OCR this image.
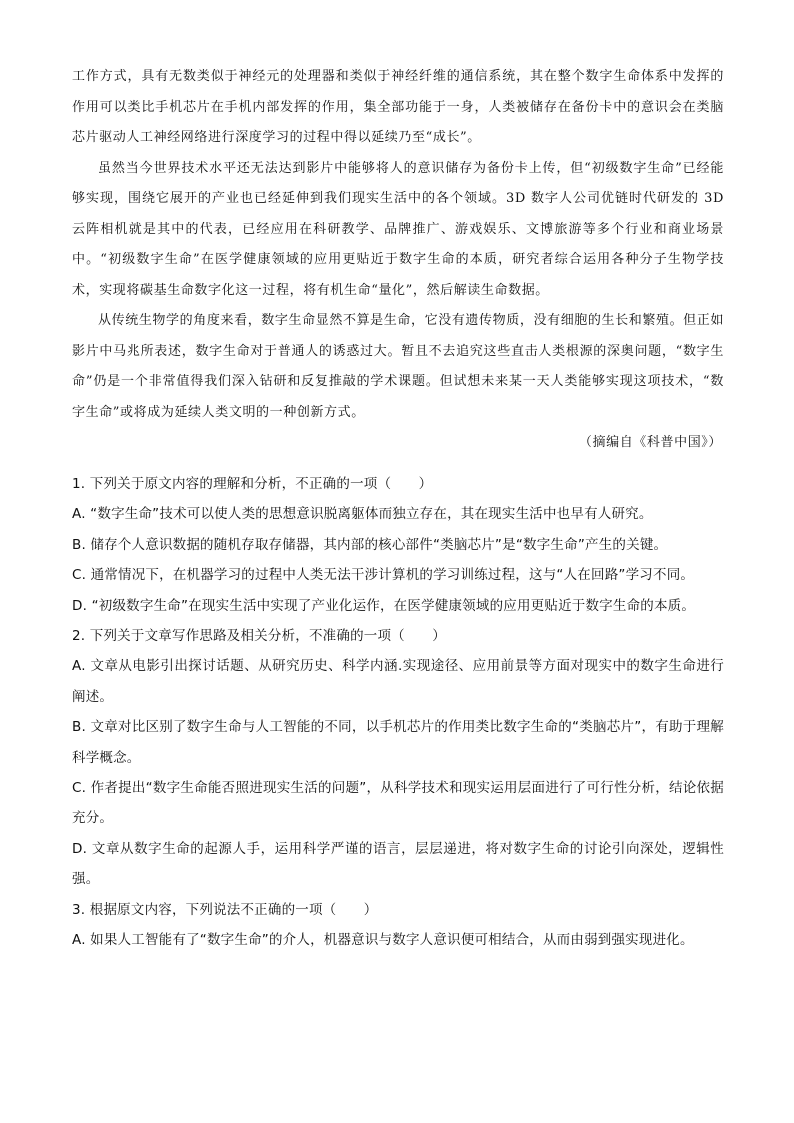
工作方式，具有无数类似于神经元的处理器和类似于神经纤维的通信系统，其在整个数字生命体系中发挥的作用可以类比手机芯片在手机内部发挥的作用，集全部功能于一身，人类被储存在备份卡中的意识会在类脑芯片驱动人工神经网络进行深度学习的过程中得以延续乃至“成长”。

虽然当今世界技术水平还无法达到影片中能够将人的意识储存为备份卡上传，但“初级数字生命”已经能够实现，围绕它展开的产业也已经延伸到我们现实生活中的各个领域。3D 数字人公司优链时代研发的 3D 云阵相机就是其中的代表，已经应用在科研教学、品牌推广、游戏娱乐、文博旅游等多个行业和商业场景中。“初级数字生命”在医学健康领域的应用更贴近于数字生命的本质，研究者综合运用各种分子生物学技术，实现将碳基生命数字化这一过程，将有机生命“量化”，然后解读生命数据。

从传统生物学的角度来看，数字生命显然不算是生命，它没有遗传物质，没有细胞的生长和繁殖。但正如影片中马兆所表述，数字生命对于普通人的诱惑过大。暂且不去追究这些直击人类根源的深奥问题，“数字生命”仍是一个非常值得我们深入钻研和反复推敲的学术课题。但试想未来某一天人类能够实现这项技术，“数字生命”或将成为延续人类文明的一种创新方式。

（摘编自《科普中国》）

1. 下列关于原文内容的理解和分析，不正确的一项（　　）

A. “数字生命”技术可以使人类的思想意识脱离躯体而独立存在，其在现实生活中也早有人研究。

B. 储存个人意识数据的随机存取存储器，其内部的核心部件“类脑芯片”是“数字生命”产生的关键。

C. 通常情况下，在机器学习的过程中人类无法干涉计算机的学习训练过程，这与“人在回路”学习不同。

D. “初级数字生命”在现实生活中实现了产业化运作，在医学健康领域的应用更贴近于数字生命的本质。

2. 下列关于文章写作思路及相关分析，不准确的一项（　　）

A. 文章从电影引出探讨话题、从研究历史、科学内涵.实现途径、应用前景等方面对现实中的数字生命进行阐述。

B. 文章对比区别了数字生命与人工智能的不同，以手机芯片的作用类比数字生命的“类脑芯片”，有助于理解科学概念。

C. 作者提出“数字生命能否照进现实生活的问题”，从科学技术和现实运用层面进行了可行性分析，结论依据充分。

D. 文章从数字生命的起源人手，运用科学严谨的语言，层层递进，将对数字生命的讨论引向深处，逻辑性强。

3. 根据原文内容，下列说法不正确的一项（　　）

A. 如果人工智能有了“数字生命”的介人，机器意识与数字人意识便可相结合，从而由弱到强实现进化。
